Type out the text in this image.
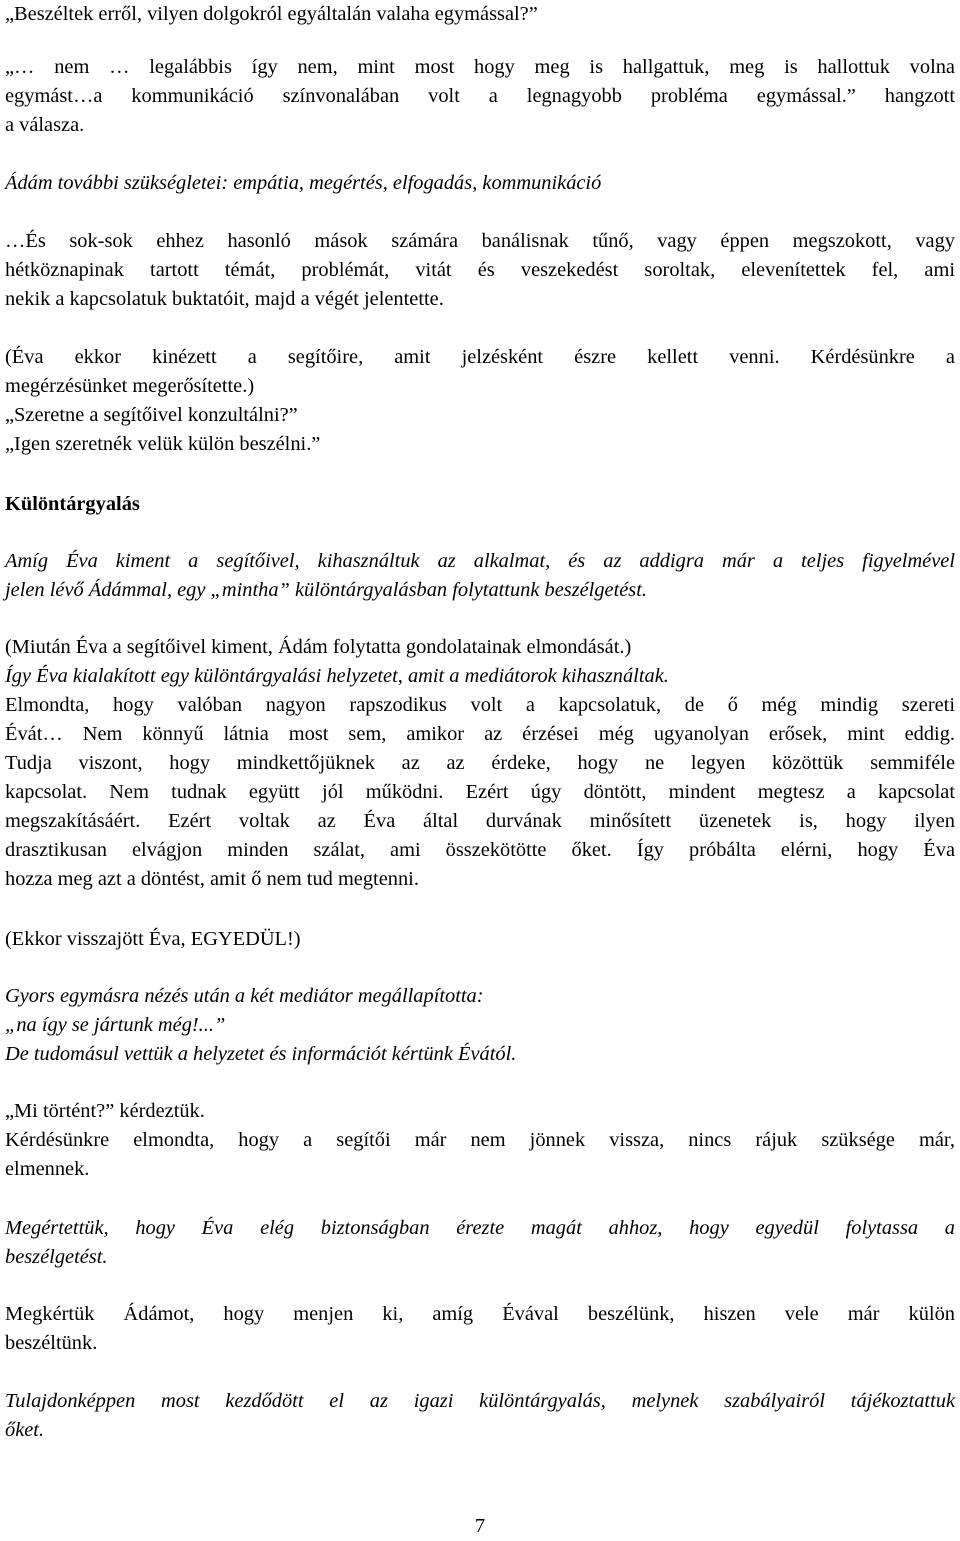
„Beszéltek erről, vilyen dolgokról egyáltalán valaha egymással?”
„… nem … legalábbis így nem, mint most hogy meg is hallgattuk, meg is hallottuk volna
egymást…a kommunikáció színvonalában volt a legnagyobb probléma egymással.” hangzott
a válasza.
Ádám további szükségletei: empátia, megértés, elfogadás, kommunikáció
…És sok-sok ehhez hasonló mások számára banálisnak tűnő, vagy éppen megszokott, vagy
hétköznapinak tartott témát, problémát, vitát és veszekedést soroltak, elevenítettek fel, ami
nekik a kapcsolatuk buktatóit, majd a végét jelentette.
(Éva ekkor kinézett a segítőire, amit jelzésként észre kellett venni. Kérdésünkre a
megérzésünket megerősítette.)
„Szeretne a segítőivel konzultálni?”
„Igen szeretnék velük külön beszélni.”
Különtárgyalás
Amíg Éva kiment a segítőivel, kihasználtuk az alkalmat, és az addigra már a teljes figyelmével
jelen lévő Ádámmal, egy „mintha” különtárgyalásban folytattunk beszélgetést.
(Miután Éva a segítőivel kiment, Ádám folytatta gondolatainak elmondását.)
Így Éva kialakított egy különtárgyalási helyzetet, amit a mediátorok kihasználtak.
Elmondta, hogy valóban nagyon rapszodikus volt a kapcsolatuk, de ő még mindig szereti
Évát… Nem könnyű látnia most sem, amikor az érzései még ugyanolyan erősek, mint eddig.
Tudja viszont, hogy mindkettőjüknek az az érdeke, hogy ne legyen közöttük semmiféle
kapcsolat. Nem tudnak együtt jól működni. Ezért úgy döntött, mindent megtesz a kapcsolat
megszakításáért. Ezért voltak az Éva által durvának minősített üzenetek is, hogy ilyen
drasztikusan elvágjon minden szálat, ami összekötötte őket. Így próbálta elérni, hogy Éva
hozza meg azt a döntést, amit ő nem tud megtenni.
(Ekkor visszajött Éva, EGYEDÜL!)
Gyors egymásra nézés után a két mediátor megállapította:
„na így se jártunk még!...”
De tudomásul vettük a helyzetet és információt kértünk Évától.
„Mi történt?” kérdeztük.
Kérdésünkre elmondta, hogy a segítői már nem jönnek vissza, nincs rájuk szüksége már,
elmennek.
Megértettük, hogy Éva elég biztonságban érezte magát ahhoz, hogy egyedül folytassa a
beszélgetést.
Megkértük Ádámot, hogy menjen ki, amíg Évával beszélünk, hiszen vele már külön
beszéltünk.
Tulajdonképpen most kezdődött el az igazi különtárgyalás, melynek szabályairól tájékoztattuk
őket.
7
